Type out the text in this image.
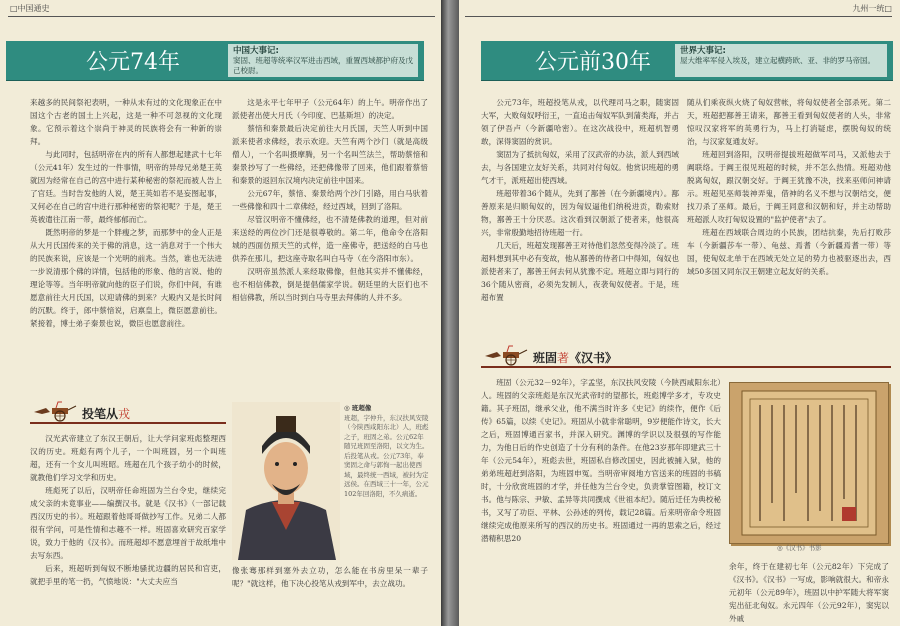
□中国通史
公元74年	中国大事记:
窦固、班超等统率汉军进击西域，重置西域都护府及戊己校尉。

来越多的民间祭祀表明，一种从未有过的文化现象正在中国这个古老的国土上兴起，这是一种不可忽视的文化现象。它预示着这个崇尚于神灵的民族将会有一种新的崇拜。

与此同时，包括明帝在内的所有人都想起建武十七年（公元41年）发生过的一件事情，明帝的异母兄弟楚王英就因为经常在自己的宫中进行某种秘密的祭祀而被人告上了官廷。当时告发他的人说，楚王英如若不是妄图起事，又何必在自己的宫中进行那种秘密的祭祀呢？于是，楚王英被遣往江南一带，最终郁郁而亡。

既然明帝的梦是一个胖瘦之梦，而那梦中的金人正是从大月氏国传来的关于佛的消息，这一消息对于一个伟大的民族来说，应该是一个光明的前兆。当然，谁也无法进一步说清那个佛的详情，包括他的形象、他的言说、他的理论等等。当年明帝就向他的臣子们说，你们中间，有谁愿意前往大月氏国，以迎请佛的到来？大殿内又是长时间的沉默。终于，郎中蔡愔说，启禀皇上，微臣愿意前往。紧接着，博士弟子秦景也说，微臣也愿意前往。

这是永平七年甲子（公元64年）的上午。明帝作出了派使者出使大月氏（今印度、巴基斯坦）的决定。

蔡愔和秦景最后决定前往大月氏国，天竺人听到中国派来使者求佛经，表示欢迎。天竺有两个沙门（就是高级僧人），一个名叫摄摩腾，另一个名叫竺法兰，帮助蔡愔和秦景抄写了一些佛经，还把佛像带了回来，他们跟着蔡愔和秦景的返回东汉境内决定前往中国来。

公元67年，蔡愔、秦景给两个沙门引路，用白马驮着一些佛像和四十二章佛经，经过西域，回到了洛阳。

尽管汉明帝不懂佛经，也不清楚佛教的道理，但对前来送经的两位沙门还是很尊敬的。第二年，他命令在洛阳城的西面仿照天竺的式样，造一座佛寺，把送经的白马也供养在那儿，把这座寺取名叫白马寺（在今洛阳市东）。

汉明帝虽然派人来经取佛像，但他其实并不懂佛经，也不相信佛教，倒是提倡儒家学说。朝廷里的大臣们也不相信佛教，所以当时到白马寺里去拜佛的人并不多。

投笔从戎

汉光武帝建立了东汉王朝后，让大学问家班彪整理西汉的历史。班彪有两个儿子，一个叫班固，另一个叫班超，还有一个女儿叫班昭。班超在几个孩子幼小的时候，就教他们学习文学和历史。

班彪死了以后，汉明帝任命班固为兰台令史，继续完成父亲的未竟事业——编撰汉书。就是《汉书》（一部记载西汉历史的书）。班超跟着他哥哥做抄写工作。兄弟二人都很有学问，可是性情和志趣不一样。班固喜欢研究百家学说，致力于他的《汉书》。而班超却不愿意埋首于故纸堆中去写东西。

后来，班超听到匈奴不断地骚扰边疆的居民和官吏，就把手里的笔一扔，气愤地说："大丈夫应当

◎ 班超像
班超，字仲升，东汉扶风安陵（今陕西咸阳东北）人，班彪之子，班固之弟。公元62年随兄班固至洛阳，以文为生。后投笔从戎。公元73年，奉窦固之命与郭恂一起出使西域，最终统一西域，被封为定远侯。在西域三十一年，公元102年回洛阳，不久病逝。

像张骞那样到塞外去立功，怎么能在书房里呆一辈子呢？"就这样，他下决心投笔从戎到军中，去立战功。

九州一统□
公元前30年	世界大事记:
屋大维率军侵入埃及，建立起横跨欧、亚、非的罗马帝国。

公元73年，班超投笔从戎，以代理司马之职，随窦固大军，大败匈奴呼衍王，一直追击匈奴军队到蒲类海，并占领了伊吾卢（今新疆哈密）。在这次战役中，班超机智勇敢，深得窦固的赏识。

窦固为了抵抗匈奴，采用了汉武帝的办法，派人到西域去，与各国建立友好关系，共同对付匈奴。他赏识班超的勇气才干，派班超出使西域。

班超带着36个随从，先到了鄯善（在今新疆境内）。鄯善原来是归顺匈奴的，因为匈奴逼他们纳税进贡，勒索财物，鄯善王十分厌恶。这次看到汉朝派了使者来，他很高兴，非常殷勤地招待班超一行。

几天后，班超发现鄯善王对待他们忽然变得冷淡了。班超料想到其中必有变故，他从鄯善的侍者口中得知，匈奴也派使者来了，鄯善王何去何从犹豫不定。班超立即与同行的36个随从密商，必须先发制人，夜袭匈奴使者。于是，班超布置

随从们乘夜纵火烧了匈奴营帐，将匈奴使者全部杀死。第二天，班超把鄯善王请来，鄯善王看到匈奴使者的人头，非常惊叹汉家将军的英勇行为，马上打消疑虑，摆脱匈奴的统治，与汉家复通友好。

班超回到洛阳，汉明帝提拔班超做军司马，又派他去于阗联络。于阗王很见班超的时候，并不怎么热情。班超劝他脱离匈奴，跟汉朝交好。于阗王犹豫不决，找来巫师问神请示。班超见巫师装神弄鬼，借神的名义不想与汉朝结交，便找刀杀了巫师。最后，于阗王同意和汉朝和好，并主动帮助班超派人攻打匈奴设置的"监护使者"去了。

班超在西域联合周边的小民族，团结抗秦，先后打败莎车（今新疆莎车一带）、龟兹、焉耆（今新疆焉耆一带）等国，使匈奴北单于在西域无处立足的势力也被驱逐出去，西域50多国又同东汉王朝建立起友好的关系。

班固著《汉书》

班固（公元32－92年），字孟坚，东汉扶风安陵（今陕西咸阳东北）人。班固的父亲班彪是东汉光武帝时的望都长，班彪博学多才，专攻史籍。其子班固，继承父业，他不满当时许多《史记》的续作，便作《后传》65篇，以续《史记》。班固从小就非常聪明，9岁便能作诗文，长大之后，班固博通百家书，并深入研究。渊博的学识以及很强的写作能力，为他日后的作史创造了十分有利的条件。在他23岁那年即建武三十年（公元54年），班彪去世，班固私自修改国史，因此被捕入狱，他的弟弟班超赶到洛阳，为班固申冤。当明帝审阅地方官送来的班固的书稿时，十分欣赏班固的才学，并任他为兰台令史，负责掌管图籍，校订文书。他与陈宗、尹敏、孟异等共同撰成《世祖本纪》。随后迁任为典校秘书，又写了功臣、平林、公孙述的列传，载记28篇。后来明帝命令班固继续完成他原来所写的西汉的历史书。班固通过一再的思索之后，经过潜精积思20

◎《汉书》书影

余年，终于在建初七年（公元82年）下完成了《汉书》。《汉书》一写成，影响就很大。和帝永元初年（公元89年），班固以中护军随大将军窦宪出征北匈奴。永元四年（公元92年），窦宪以外戚
